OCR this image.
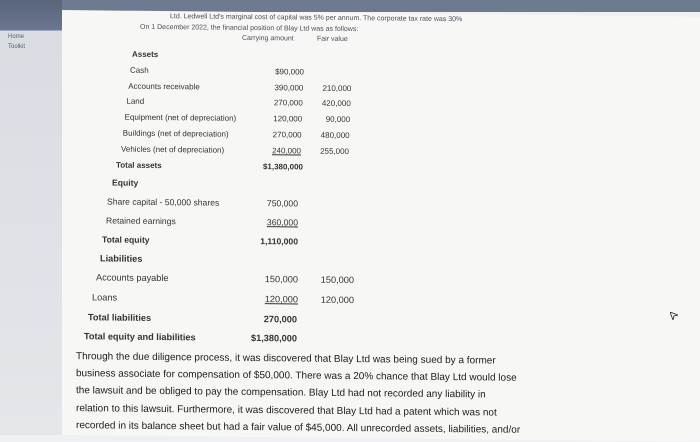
Home
Toolkit
Ltd. Ledwell Ltd's marginal cost of capital was 5% per annum. The corporate tax rate was 30%
On 1 December 2022, the financial position of Blay Ltd was as follows:
Carrying amount	Fair value
Assets
Cash	$90,000
Accounts receivable	390,000	210,000
Land	270,000	420,000
Equipment (net of depreciation)	120,000	90,000
Buildings (net of depreciation)	270,000	480,000
Vehicles (net of depreciation)	240,000	255,000
Total assets	$1,380,000
Equity
Share capital - 50,000 shares	750,000
Retained earnings	360,000
Total equity	1,110,000
Liabilities
Accounts payable	150,000	150,000
Loans	120,000	120,000
Total liabilities	270,000
Total equity and liabilities	$1,380,000
Through the due diligence process, it was discovered that Blay Ltd was being sued by a former
business associate for compensation of $50,000. There was a 20% chance that Blay Ltd would lose
the lawsuit and be obliged to pay the compensation. Blay Ltd had not recorded any liability in
relation to this lawsuit. Furthermore, it was discovered that Blay Ltd had a patent which was not
recorded in its balance sheet but had a fair value of $45,000. All unrecorded assets, liabilities, and/or
